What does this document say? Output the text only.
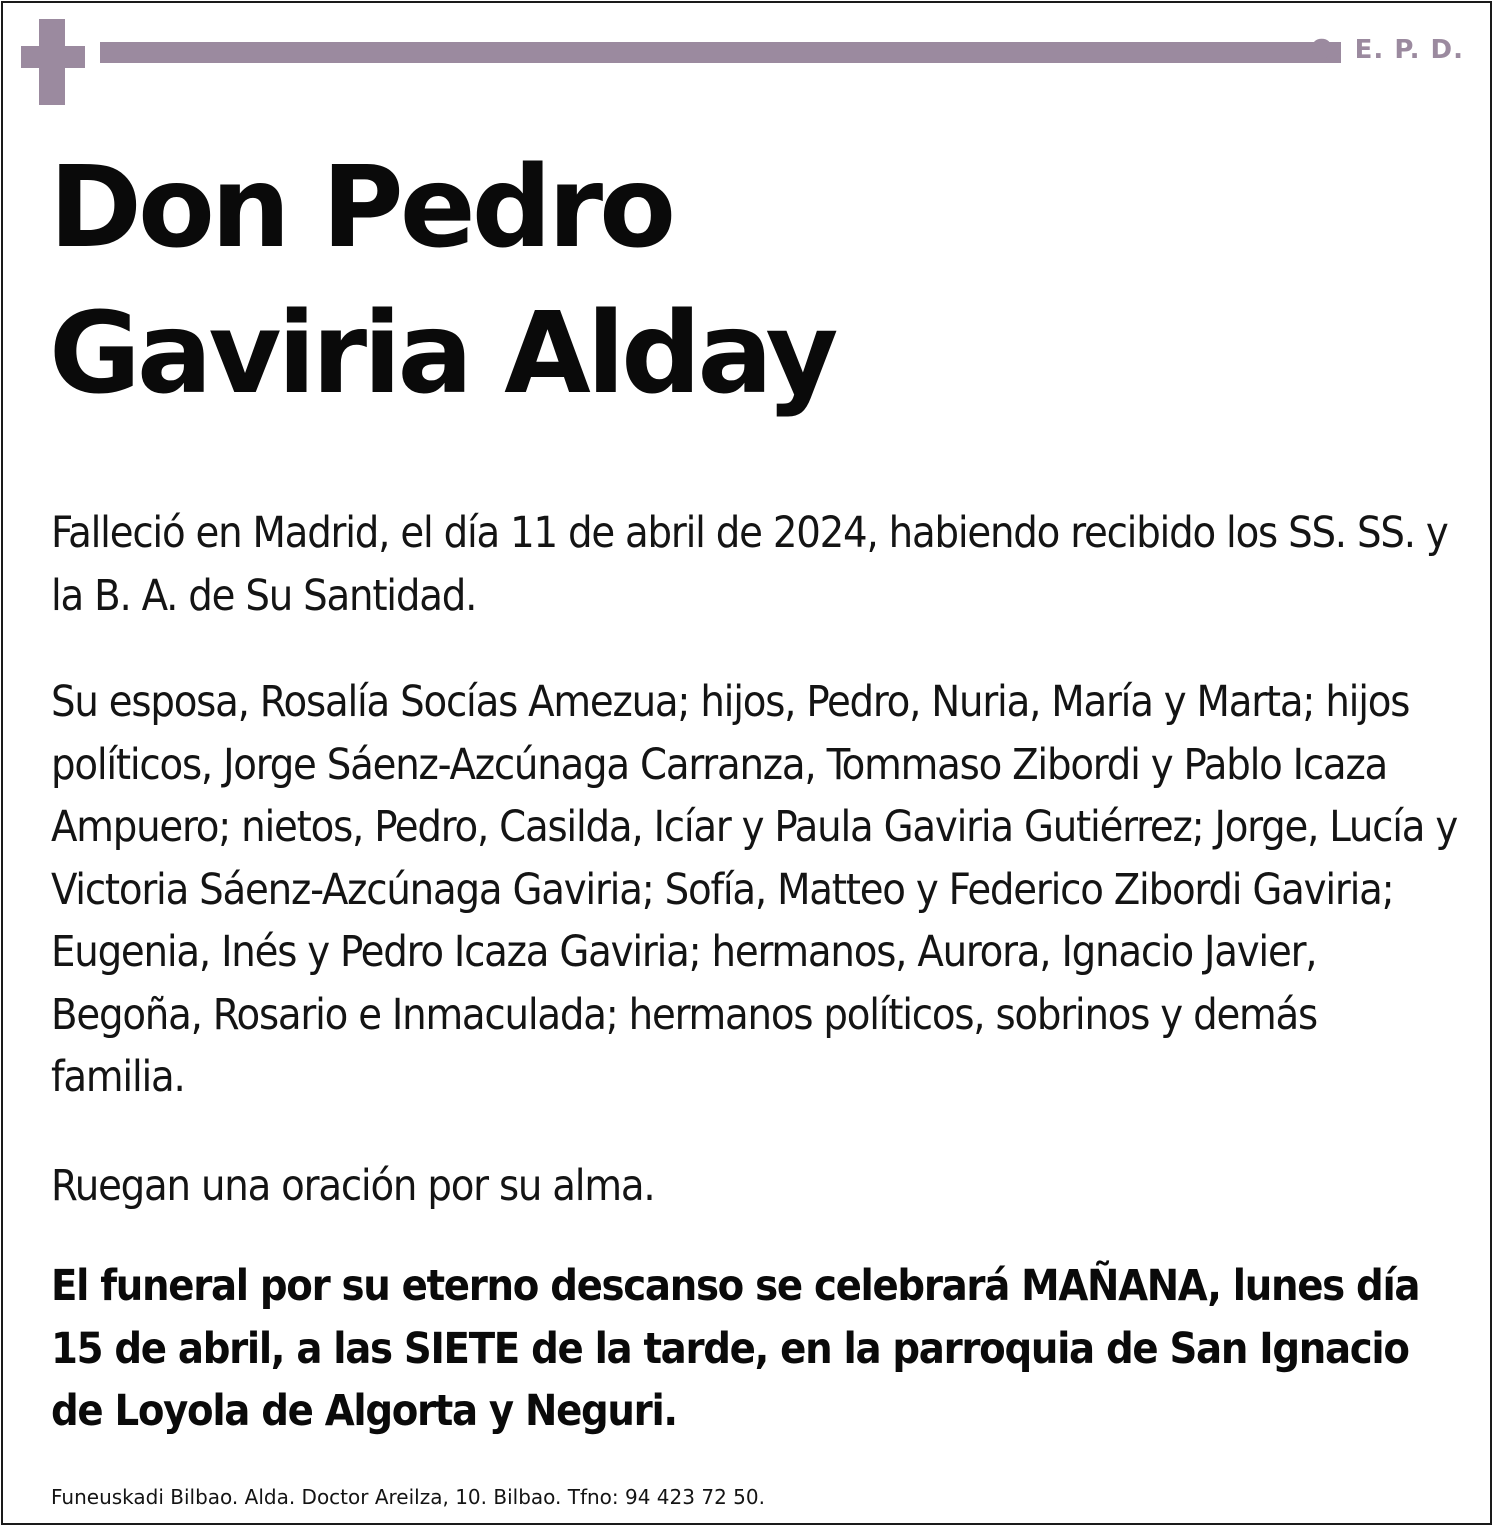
Q. E. P. D.
Don Pedro
Gaviria Alday

Falleció en Madrid, el día 11 de abril de 2024, habiendo recibido los SS. SS. y la B. A. de Su Santidad.

Su esposa, Rosalía Socías Amezua; hijos, Pedro, Nuria, María y Marta; hijos políticos, Jorge Sáenz-Azcúnaga Carranza, Tommaso Zibordi y Pablo Icaza Ampuero; nietos, Pedro, Casilda, Icíar y Paula Gaviria Gutiérrez; Jorge, Lucía y Victoria Sáenz-Azcúnaga Gaviria; Sofía, Matteo y Federico Zibordi Gaviria; Eugenia, Inés y Pedro Icaza Gaviria; hermanos, Aurora, Ignacio Javier, Begoña, Rosario e Inmaculada; hermanos políticos, sobrinos y demás familia.

Ruegan una oración por su alma.

El funeral por su eterno descanso se celebrará MAÑANA, lunes día 15 de abril, a las SIETE de la tarde, en la parroquia de San Ignacio de Loyola de Algorta y Neguri.

Funeuskadi Bilbao. Alda. Doctor Areilza, 10. Bilbao. Tfno: 94 423 72 50.
